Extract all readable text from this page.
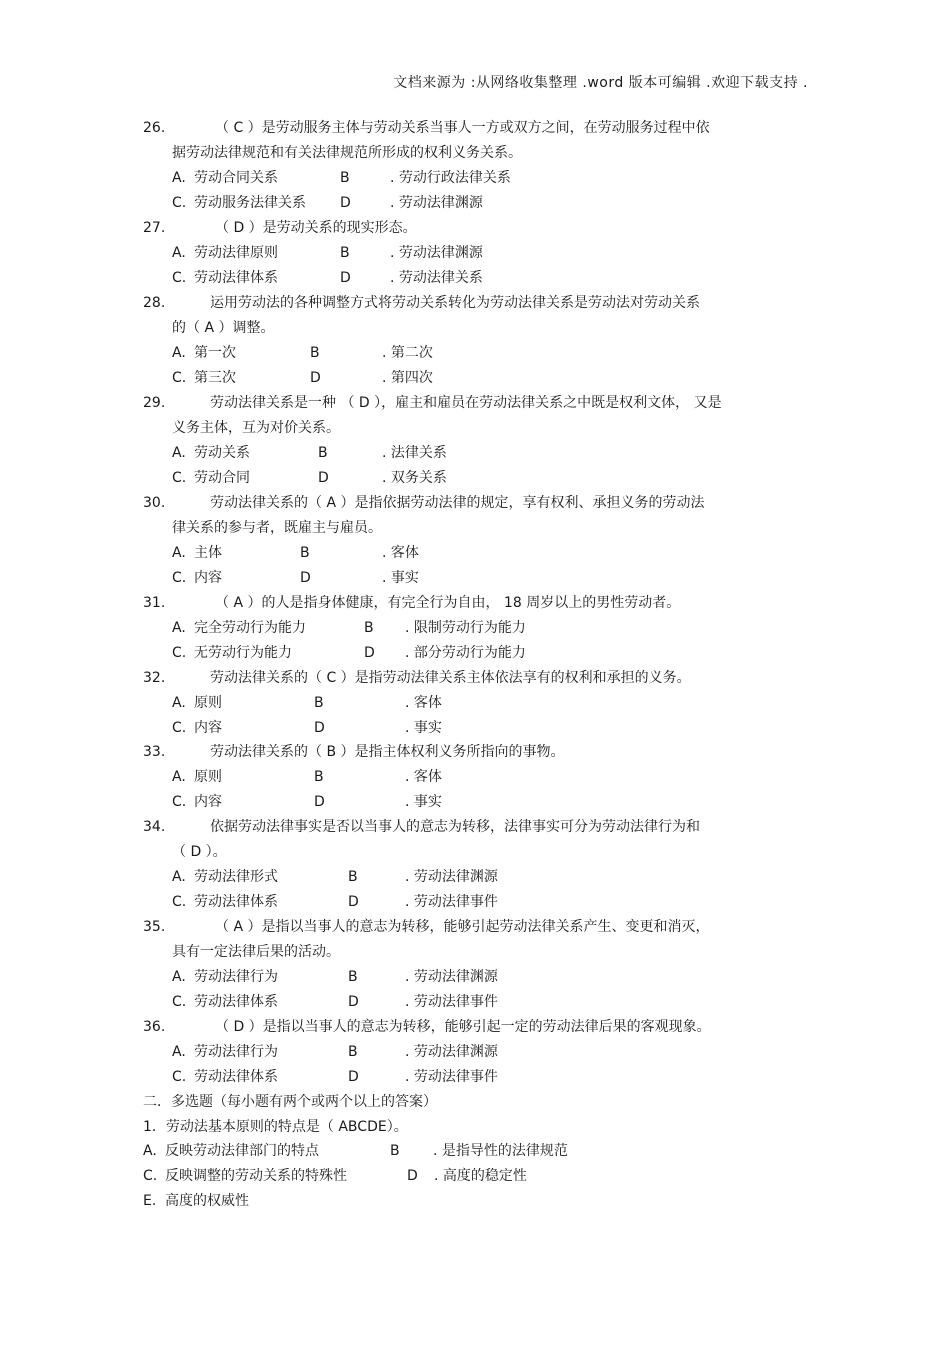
文档来源为 :从网络收集整理 .word 版本可编辑 .欢迎下载支持 .
26.	（ C ）是劳动服务主体与劳动关系当事人一方或双方之间，在劳动服务过程中依
据劳动法律规范和有关法律规范所形成的权利义务关系。
A. 劳动合同关系	B	. 劳动行政法律关系
C. 劳动服务法律关系 D	. 劳动法律渊源
27.	（ D ）是劳动关系的现实形态。
A. 劳动法律原则	B	. 劳动法律渊源
C. 劳动法律体系	D	. 劳动法律关系
28.	运用劳动法的各种调整方式将劳动关系转化为劳动法律关系是劳动法对劳动关系
的（ A ）调整。
A. 第一次	B	. 第二次
C. 第三次	D	. 第四次
29.	劳动法律关系是一种 （ D ），雇主和雇员在劳动法律关系之中既是权利文体， 又是
义务主体，互为对价关系。
A. 劳动关系	B	. 法律关系
C. 劳动合同	D	. 双务关系
30.	劳动法律关系的（ A ）是指依据劳动法律的规定，享有权利、承担义务的劳动法
律关系的参与者，既雇主与雇员。
A. 主体	B	. 客体
C. 内容	D	. 事实
31.	（ A ）的人是指身体健康，有完全行为自由， 18 周岁以上的男性劳动者。
A. 完全劳动行为能力	B . 限制劳动行为能力
C. 无劳动行为能力	D . 部分劳动行为能力
32.	劳动法律关系的（ C ）是指劳动法律关系主体依法享有的权利和承担的义务。
A. 原则	B	. 客体
C. 内容	D	. 事实
33.	劳动法律关系的（ B ）是指主体权利义务所指向的事物。
A. 原则	B	. 客体
C. 内容	D	. 事实
34.	依据劳动法律事实是否以当事人的意志为转移，法律事实可分为劳动法律行为和
（ D ）。
A. 劳动法律形式	B	. 劳动法律渊源
C. 劳动法律体系	D	. 劳动法律事件
35.	（ A ）是指以当事人的意志为转移，能够引起劳动法律关系产生、变更和消灭，
具有一定法律后果的活动。
A. 劳动法律行为	B	. 劳动法律渊源
C. 劳动法律体系	D	. 劳动法律事件
36.	（ D ）是指以当事人的意志为转移，能够引起一定的劳动法律后果的客观现象。
A. 劳动法律行为	B	. 劳动法律渊源
C. 劳动法律体系	D	. 劳动法律事件
二．多选题（每小题有两个或两个以上的答案）
1．劳动法基本原则的特点是（ ABCDE）。
A. 反映劳动法律部门的特点	B . 是指导性的法律规范
C. 反映调整的劳动关系的特殊性	D . 高度的稳定性
E. 高度的权威性
